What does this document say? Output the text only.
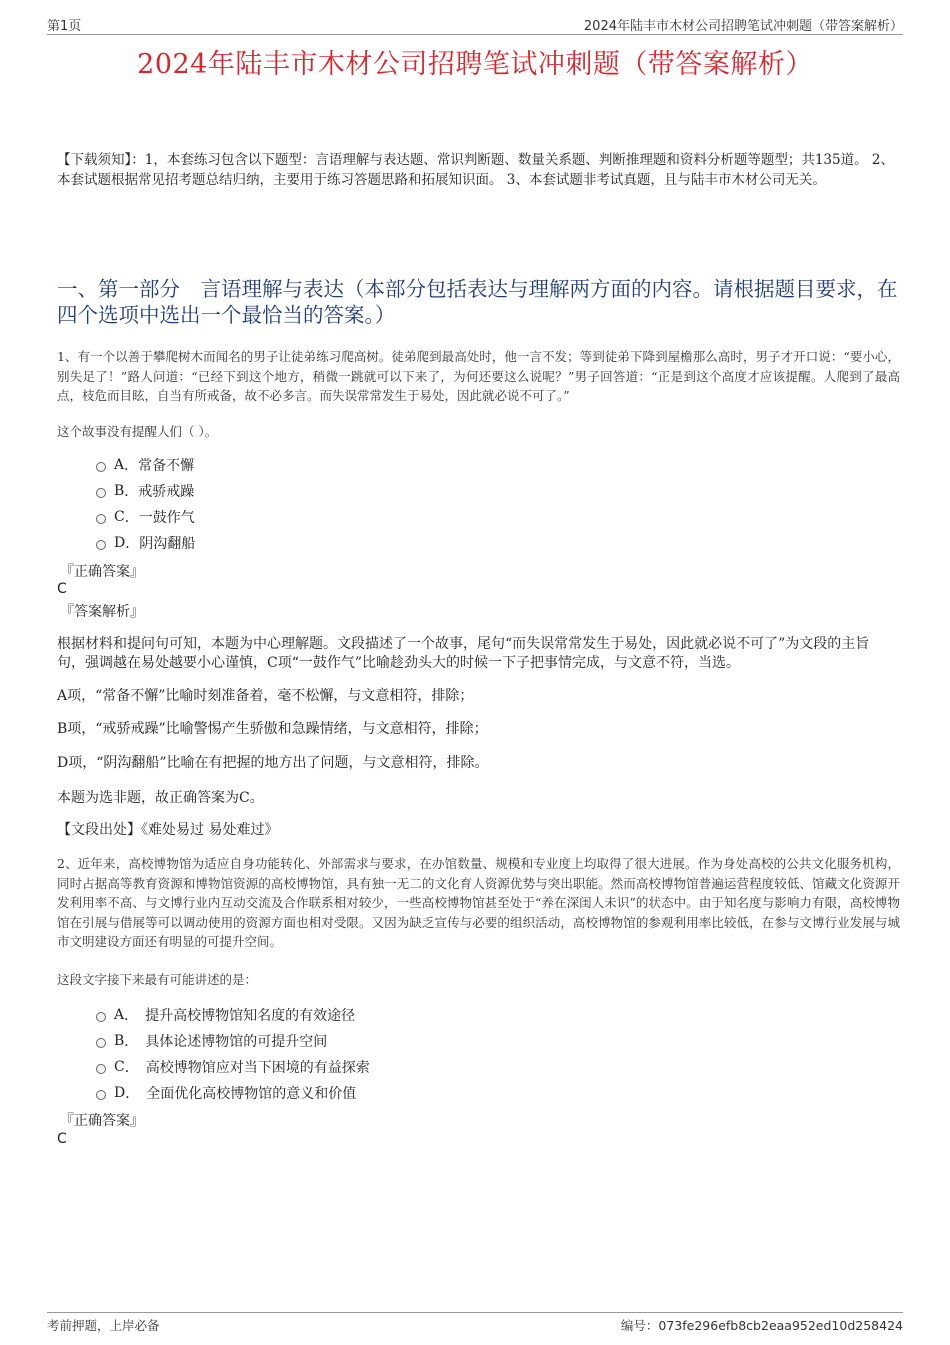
第1页	2024年陆丰市木材公司招聘笔试冲刺题（带答案解析）
2024年陆丰市木材公司招聘笔试冲刺题（带答案解析）
【下载须知】：1，本套练习包含以下题型：言语理解与表达题、常识判断题、数量关系题、判断推理题和资料分析题等题型；共135道。 2、本套试题根据常见招考题总结归纳，主要用于练习答题思路和拓展知识面。 3、本套试题非考试真题，且与陆丰市木材公司无关。
一、第一部分　言语理解与表达（本部分包括表达与理解两方面的内容。请根据题目要求，在四个选项中选出一个最恰当的答案。）
1、有一个以善于攀爬树木而闻名的男子让徒弟练习爬高树。徒弟爬到最高处时，他一言不发；等到徒弟下降到屋檐那么高时，男子才开口说：“要小心，别失足了！”路人问道：“已经下到这个地方，稍微一跳就可以下来了，为何还要这么说呢？”男子回答道：“正是到这个高度才应该提醒。人爬到了最高点，枝危而目眩，自当有所戒备，故不必多言。而失误常常发生于易处，因此就必说不可了。”
这个故事没有提醒人们（ ）。
A ． 常备不懈
B ． 戒骄戒躁
C ． 一鼓作气
D ． 阴沟翻船
『正确答案』
C
『答案解析』

根据材料和提问句可知，本题为中心理解题。文段描述了一个故事，尾句“而失误常常发生于易处，因此就必说不可了”为文段的主旨句，强调越在易处越要小心谨慎，C项“一鼓作气”比喻趁劲头大的时候一下子把事情完成，与文意不符，当选。

A项，“常备不懈”比喻时刻准备着，毫不松懈，与文意相符，排除；

B项，“戒骄戒躁”比喻警惕产生骄傲和急躁情绪，与文意相符，排除；

D项，“阴沟翻船”比喻在有把握的地方出了问题，与文意相符，排除。

本题为选非题，故正确答案为C。

【文段出处】《难处易过 易处难过》

2、近年来，高校博物馆为适应自身功能转化、外部需求与要求，在办馆数量、规模和专业度上均取得了很大进展。作为身处高校的公共文化服务机构，同时占据高等教育资源和博物馆资源的高校博物馆，具有独一无二的文化育人资源优势与突出职能。然而高校博物馆普遍运营程度较低、馆藏文化资源开发利用率不高、与文博行业内互动交流及合作联系相对较少，一些高校博物馆甚至处于“养在深闺人未识”的状态中。由于知名度与影响力有限，高校博物馆在引展与借展等可以调动使用的资源方面也相对受限。又因为缺乏宣传与必要的组织活动，高校博物馆的参观利用率比较低，在参与文博行业发展与城市文明建设方面还有明显的可提升空间。
这段文字接下来最有可能讲述的是：
A ．　 提升高校博物馆知名度的有效途径
B ．　 具体论述博物馆的可提升空间
C ．　 高校博物馆应对当下困境的有益探索
D ．　 全面优化高校博物馆的意义和价值
『正确答案』
C
考前押题，上岸必备	编号：073fe296efb8cb2eaa952ed10d258424
